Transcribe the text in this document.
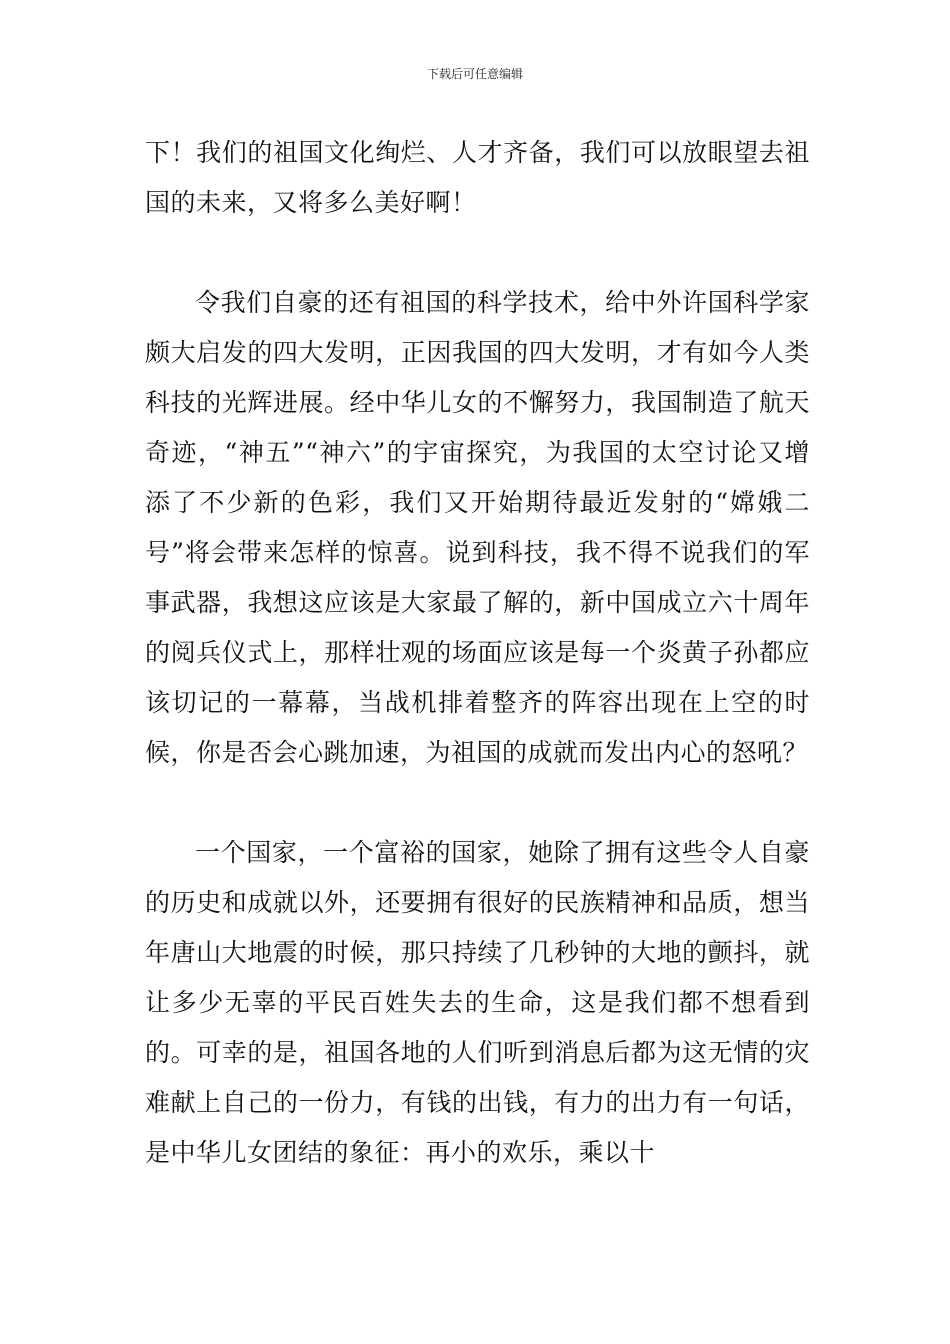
下载后可任意编辑

下！我们的祖国文化绚烂、人才齐备，我们可以放眼望去祖国的未来，又将多么美好啊！

令我们自豪的还有祖国的科学技术，给中外许国科学家颇大启发的四大发明，正因我国的四大发明，才有如今人类科技的光辉进展。经中华儿女的不懈努力，我国制造了航天奇迹，“神五”“神六”的宇宙探究，为我国的太空讨论又增添了不少新的色彩，我们又开始期待最近发射的“嫦娥二号”将会带来怎样的惊喜。说到科技，我不得不说我们的军事武器，我想这应该是大家最了解的，新中国成立六十周年的阅兵仪式上，那样壮观的场面应该是每一个炎黄子孙都应该切记的一幕幕，当战机排着整齐的阵容出现在上空的时候，你是否会心跳加速，为祖国的成就而发出内心的怒吼？

一个国家，一个富裕的国家，她除了拥有这些令人自豪的历史和成就以外，还要拥有很好的民族精神和品质，想当年唐山大地震的时候，那只持续了几秒钟的大地的颤抖，就让多少无辜的平民百姓失去的生命，这是我们都不想看到的。可幸的是，祖国各地的人们听到消息后都为这无情的灾难献上自己的一份力，有钱的出钱，有力的出力有一句话，是中华儿女团结的象征：再小的欢乐，乘以十
